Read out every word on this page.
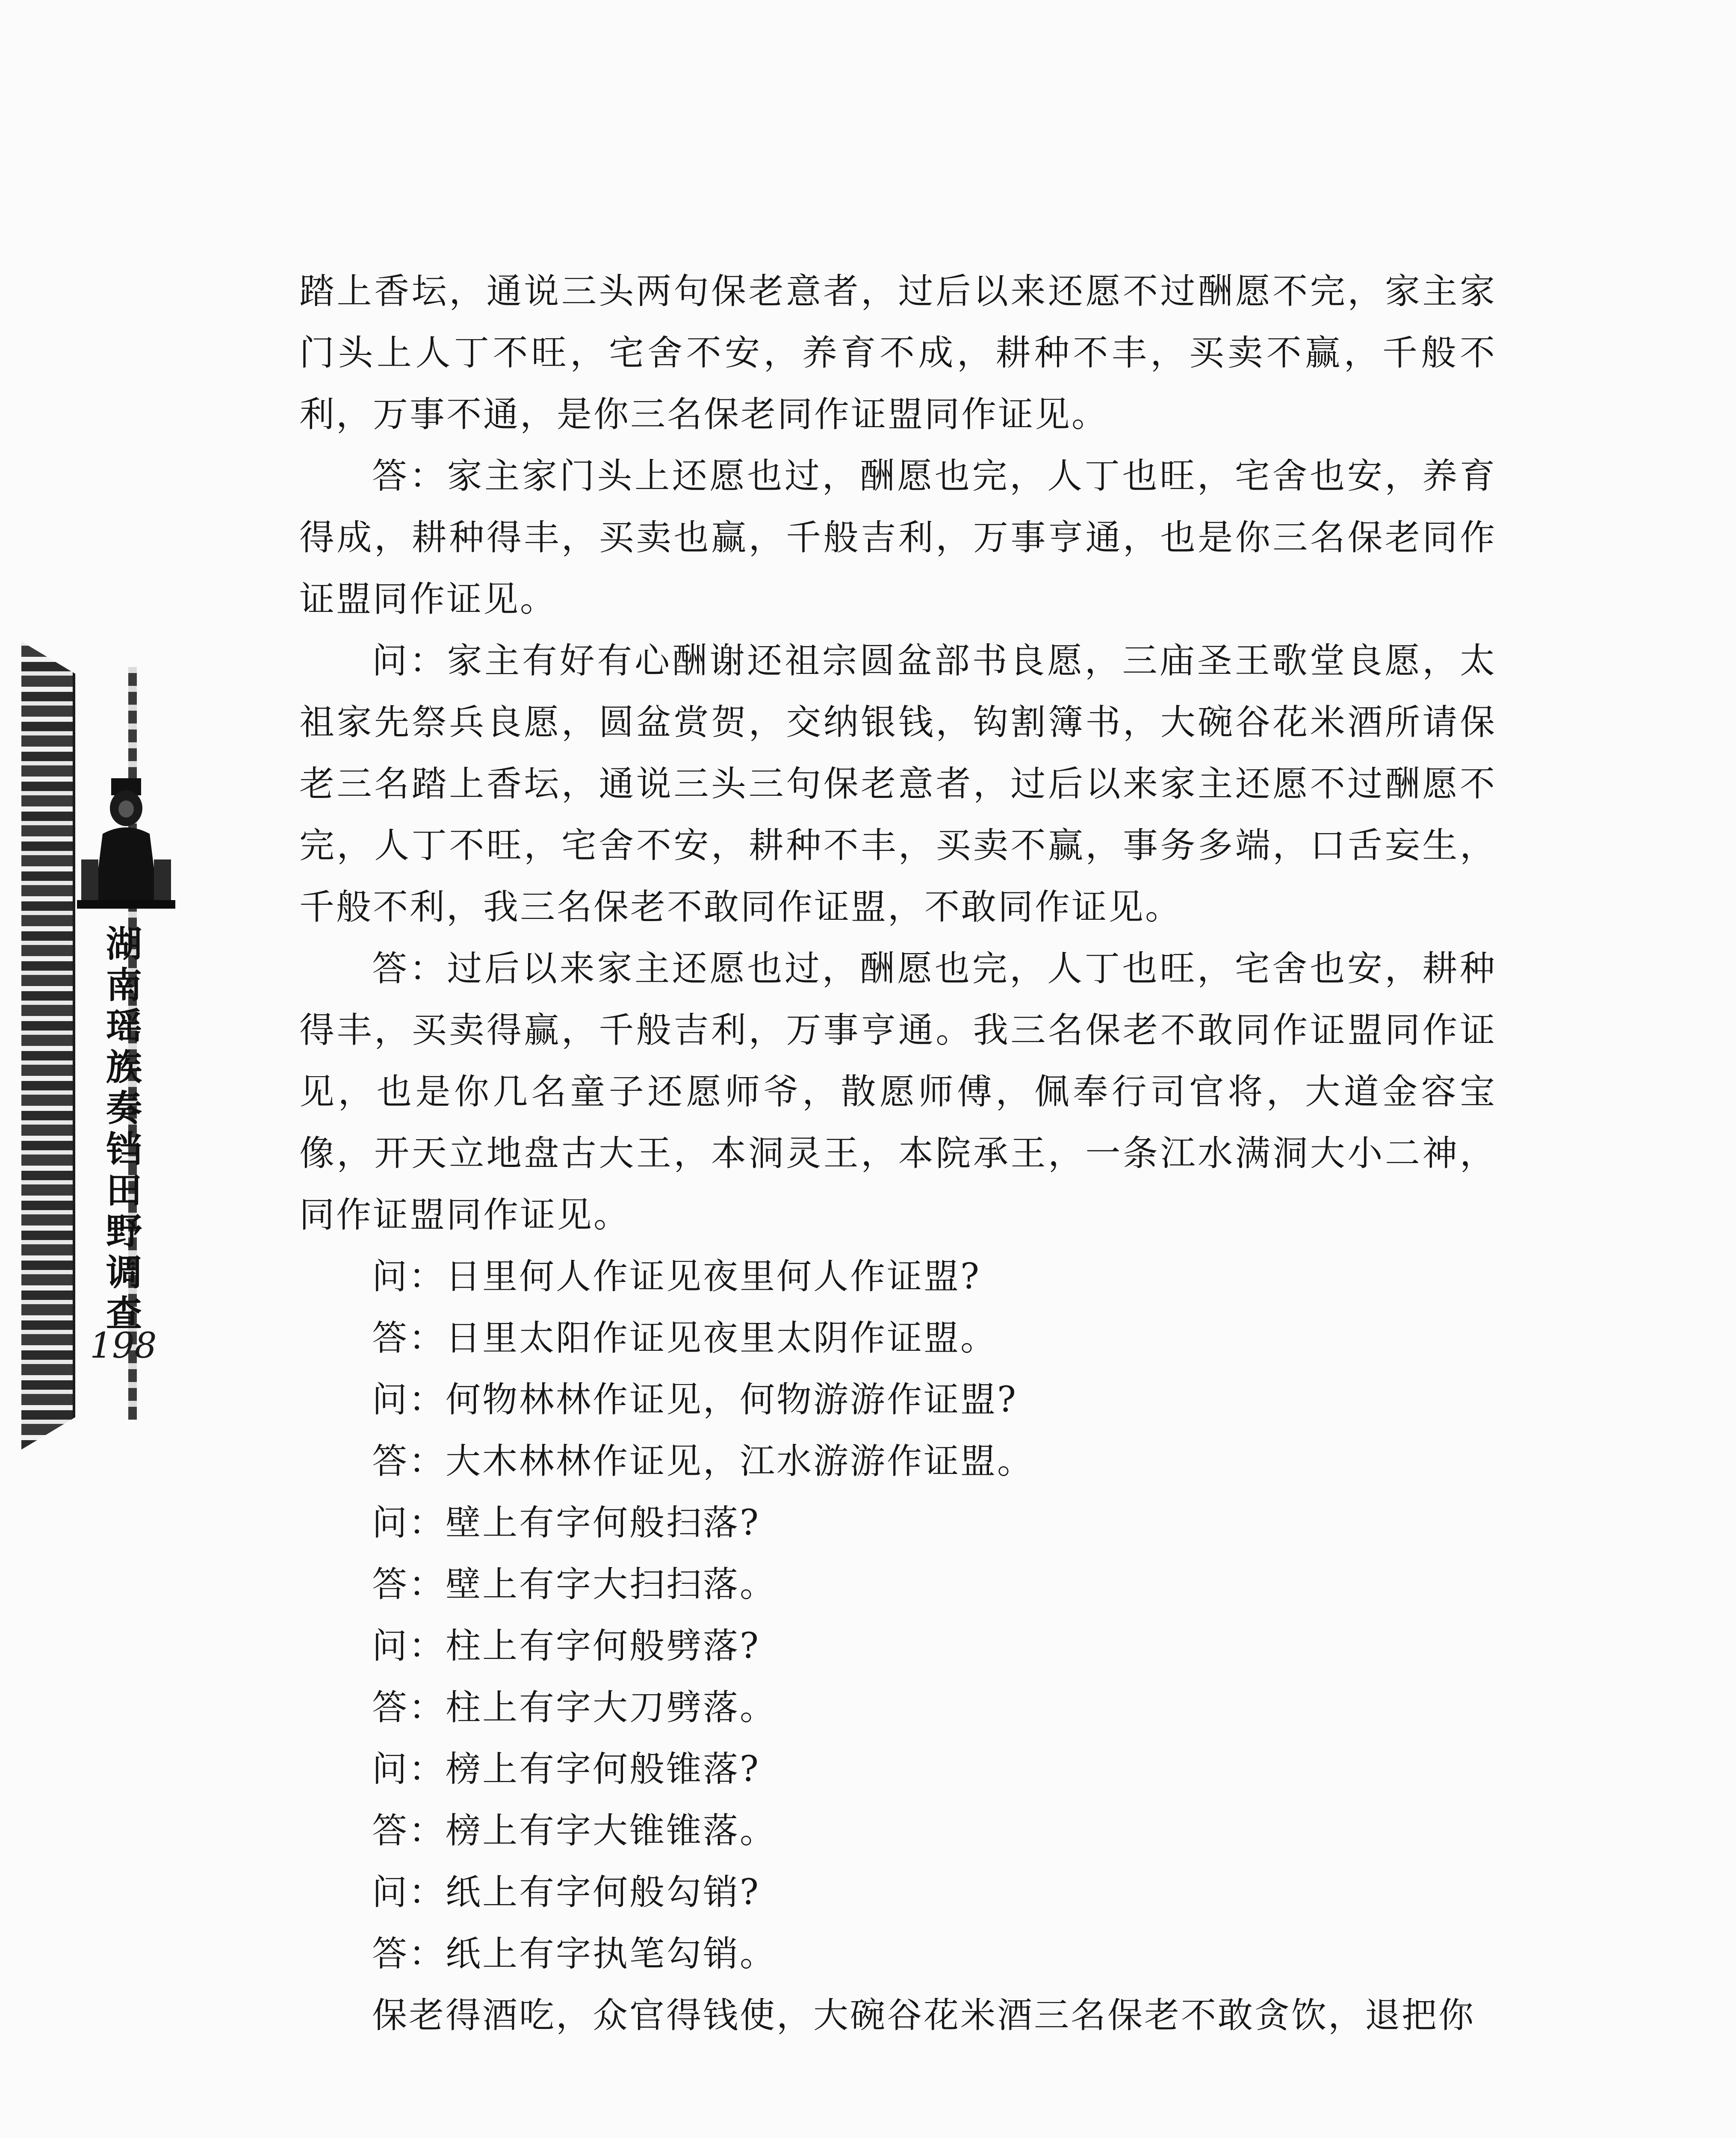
湖南瑶族奏铛田野调查
198

踏上香坛，通说三头两句保老意者，过后以来还愿不过酬愿不完，家主家门头上人丁不旺，宅舍不安，养育不成，耕种不丰，买卖不赢，千般不利，万事不通，是你三名保老同作证盟同作证见。

答：家主家门头上还愿也过，酬愿也完，人丁也旺，宅舍也安，养育得成，耕种得丰，买卖也赢，千般吉利，万事亨通，也是你三名保老同作证盟同作证见。

问：家主有好有心酬谢还祖宗圆盆部书良愿，三庙圣王歌堂良愿，太祖家先祭兵良愿，圆盆赏贺，交纳银钱，钩割簿书，大碗谷花米酒所请保老三名踏上香坛，通说三头三句保老意者，过后以来家主还愿不过酬愿不完，人丁不旺，宅舍不安，耕种不丰，买卖不赢，事务多端，口舌妄生，千般不利，我三名保老不敢同作证盟，不敢同作证见。

答：过后以来家主还愿也过，酬愿也完，人丁也旺，宅舍也安，耕种得丰，买卖得赢，千般吉利，万事亨通。我三名保老不敢同作证盟同作证见，也是你几名童子还愿师爷，散愿师傅，佩奉行司官将，大道金容宝像，开天立地盘古大王，本洞灵王，本院承王，一条江水满洞大小二神，同作证盟同作证见。

问：日里何人作证见夜里何人作证盟?

答：日里太阳作证见夜里太阴作证盟。

问：何物林林作证见，何物游游作证盟?

答：大木林林作证见，江水游游作证盟。

问：壁上有字何般扫落?

答：壁上有字大扫扫落。

问：柱上有字何般劈落?

答：柱上有字大刀劈落。

问：榜上有字何般锥落?

答：榜上有字大锥锥落。

问：纸上有字何般勾销?

答：纸上有字执笔勾销。

保老得酒吃，众官得钱使，大碗谷花米酒三名保老不敢贪饮，退把你
